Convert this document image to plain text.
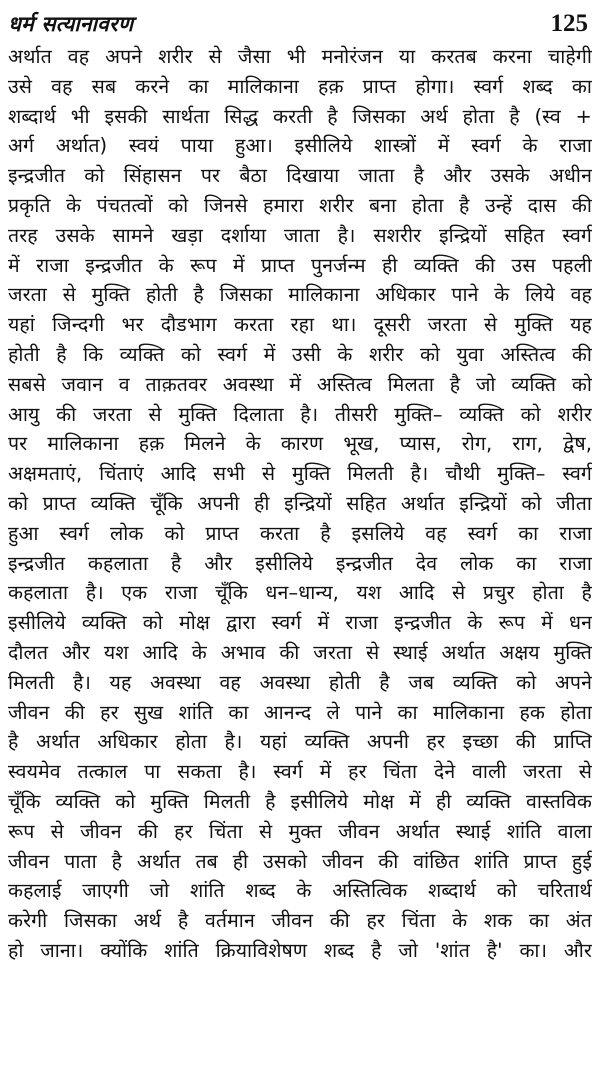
धर्म सत्यानावरण	125
अर्थात वह अपने शरीर से जैसा भी मनोरंजन या करतब करना चाहेगी
उसे वह सब करने का मालिकाना हक़ प्राप्त होगा। स्वर्ग शब्द का
शब्दार्थ भी इसकी सार्थता सिद्ध करती है जिसका अर्थ होता है (स्व +
अर्ग अर्थात) स्वयं पाया हुआ। इसीलिये शास्त्रों में स्वर्ग के राजा
इन्द्रजीत को सिंहासन पर बैठा दिखाया जाता है और उसके अधीन
प्रकृति के पंचतत्वों को जिनसे हमारा शरीर बना होता है उन्हें दास की
तरह उसके सामने खड़ा दर्शाया जाता है। सशरीर इन्द्रियों सहित स्वर्ग
में राजा इन्द्रजीत के रूप में प्राप्त पुनर्जन्म ही व्यक्ति की उस पहली
जरता से मुक्ति होती है जिसका मालिकाना अधिकार पाने के लिये वह
यहां जिन्दगी भर दौडभाग करता रहा था। दूसरी जरता से मुक्ति यह
होती है कि व्यक्ति को स्वर्ग में उसी के शरीर को युवा अस्तित्व की
सबसे जवान व ताक़तवर अवस्था में अस्तित्व मिलता है जो व्यक्ति को
आयु की जरता से मुक्ति दिलाता है। तीसरी मुक्ति– व्यक्ति को शरीर
पर मालिकाना हक़ मिलने के कारण भूख, प्यास, रोग, राग, द्वेष,
अक्षमताएं, चिंताएं आदि सभी से मुक्ति मिलती है। चौथी मुक्ति– स्वर्ग
को प्राप्त व्यक्ति चूँकि अपनी ही इन्द्रियों सहित अर्थात इन्द्रियों को जीता
हुआ स्वर्ग लोक को प्राप्त करता है इसलिये वह स्वर्ग का राजा
इन्द्रजीत कहलाता है और इसीलिये इन्द्रजीत देव लोक का राजा
कहलाता है। एक राजा चूँकि धन–धान्य, यश आदि से प्रचुर होता है
इसीलिये व्यक्ति को मोक्ष द्वारा स्वर्ग में राजा इन्द्रजीत के रूप में धन
दौलत और यश आदि के अभाव की जरता से स्थाई अर्थात अक्षय मुक्ति
मिलती है। यह अवस्था वह अवस्था होती है जब व्यक्ति को अपने
जीवन की हर सुख शांति का आनन्द ले पाने का मालिकाना हक होता
है अर्थात अधिकार होता है। यहां व्यक्ति अपनी हर इच्छा की प्राप्ति
स्वयमेव तत्काल पा सकता है। स्वर्ग में हर चिंता देने वाली जरता से
चूँकि व्यक्ति को मुक्ति मिलती है इसीलिये मोक्ष में ही व्यक्ति वास्तविक
रूप से जीवन की हर चिंता से मुक्त जीवन अर्थात स्थाई शांति वाला
जीवन पाता है अर्थात तब ही उसको जीवन की वांछित शांति प्राप्त हुई
कहलाई जाएगी जो शांति शब्द के अस्तित्विक शब्दार्थ को चरितार्थ
करेगी जिसका अर्थ है वर्तमान जीवन की हर चिंता के शक का अंत
हो जाना। क्योंकि शांति क्रियाविशेषण शब्द है जो 'शांत है' का। और
